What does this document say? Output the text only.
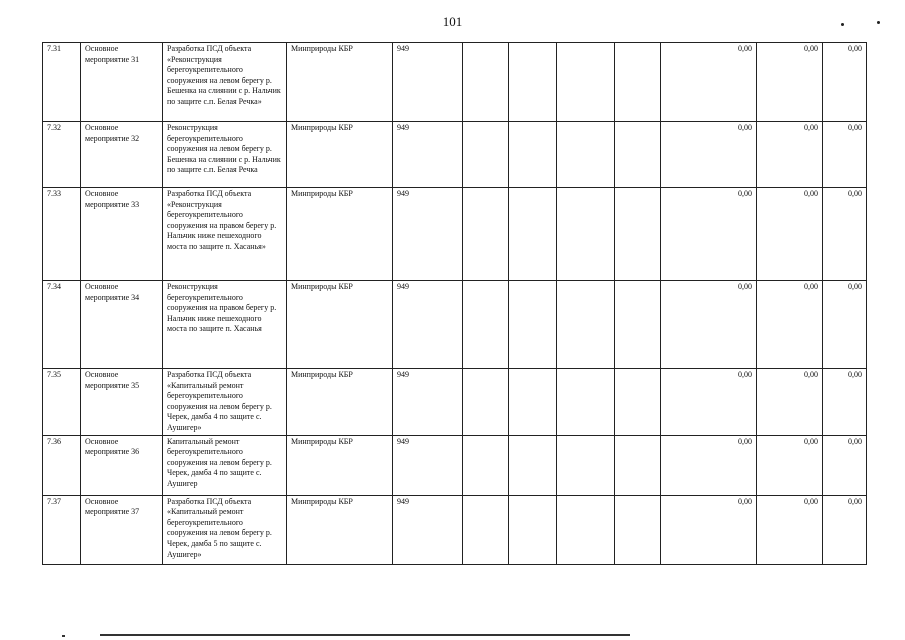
101
7.31	Основное мероприятие 31	Разработка ПСД объекта «Реконструкция берегоукрепительного сооружения на левом берегу р. Бешенка на слиянии с р. Нальчик по защите с.п. Белая Речка»	Минприроды КБР	949					0,00	0,00	0,00
7.32	Основное мероприятие 32	Реконструкция берегоукрепительного сооружения на левом берегу р. Бешенка на слиянии с р. Нальчик по защите с.п. Белая Речка	Минприроды КБР	949					0,00	0,00	0,00
7.33	Основное мероприятие 33	Разработка ПСД объекта «Реконструкция берегоукрепительного сооружения на правом берегу р. Нальчик ниже пешеходного моста по защите п. Хасанья»	Минприроды КБР	949					0,00	0,00	0,00
7.34	Основное мероприятие 34	Реконструкция берегоукрепительного сооружения на правом берегу р. Нальчик ниже пешеходного моста по защите п. Хасанья	Минприроды КБР	949					0,00	0,00	0,00
7.35	Основное мероприятие 35	Разработка ПСД объекта «Капитальный ремонт берегоукрепительного сооружения на левом берегу р. Черек, дамба 4 по защите с. Аушигер»	Минприроды КБР	949					0,00	0,00	0,00
7.36	Основное мероприятие 36	Капитальный ремонт берегоукрепительного сооружения на левом берегу р. Черек, дамба 4 по защите с. Аушигер	Минприроды КБР	949					0,00	0,00	0,00
7.37	Основное мероприятие 37	Разработка ПСД объекта «Капитальный ремонт берегоукрепительного сооружения на левом берегу р. Черек, дамба 5 по защите с. Аушигер»	Минприроды КБР	949					0,00	0,00	0,00
